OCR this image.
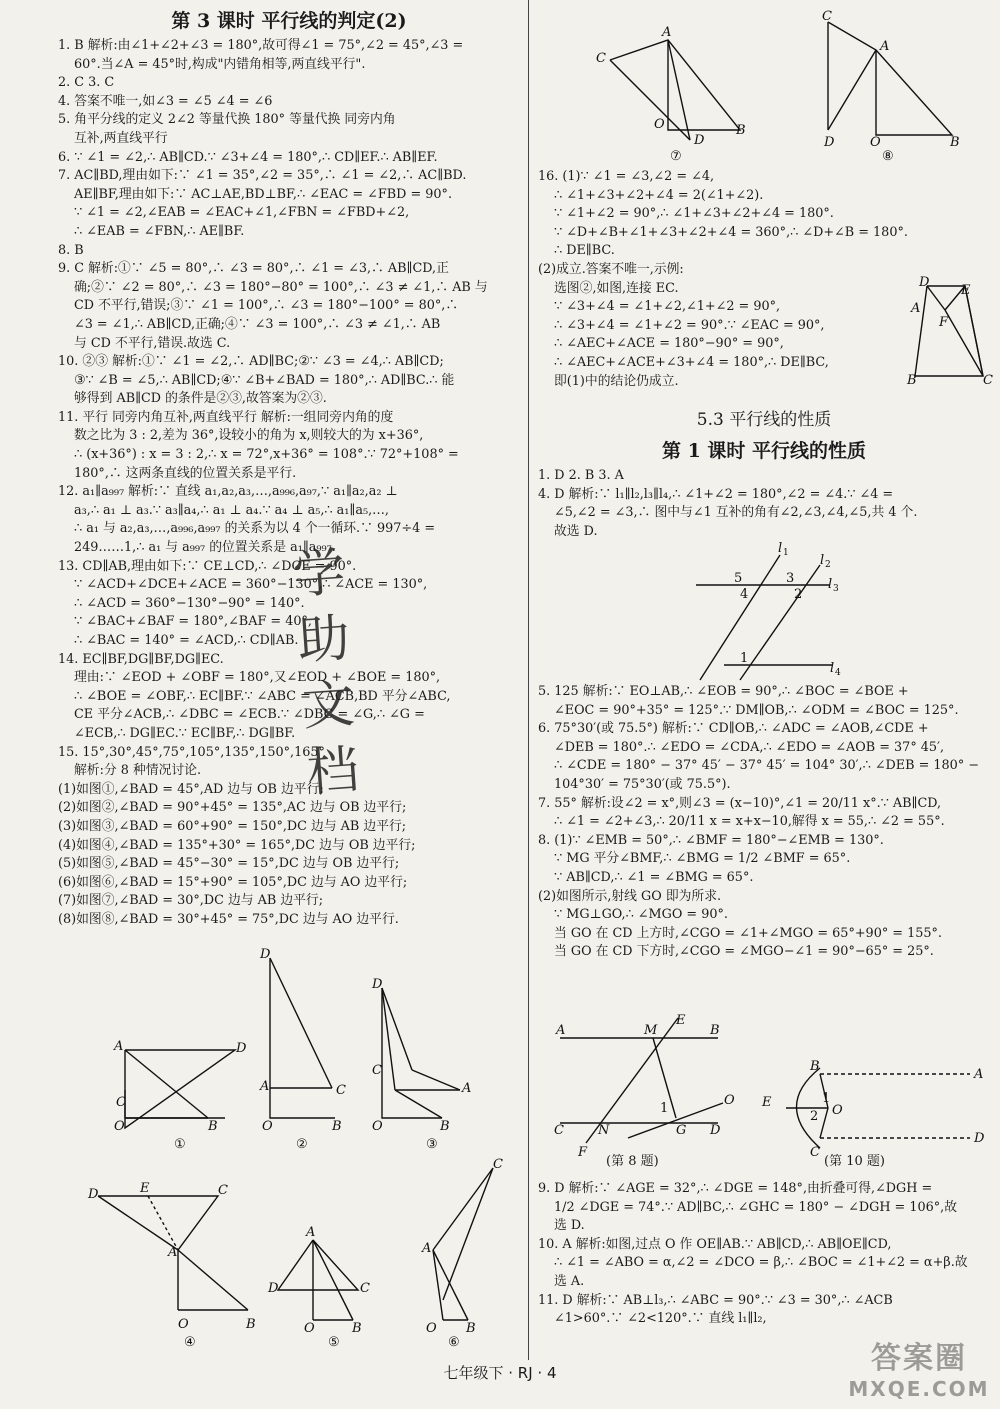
第 3 课时 平行线的判定(2)
1. B 解析:由∠1+∠2+∠3 = 180°,故可得∠1 = 75°,∠2 = 45°,∠3 =
60°.当∠A = 45°时,构成"内错角相等,两直线平行".
2. C 3. C
4. 答案不唯一,如∠3 = ∠5 ∠4 = ∠6
5. 角平分线的定义 2∠2 等量代换 180° 等量代换 同旁内角
互补,两直线平行
6. ∵ ∠1 = ∠2,∴ AB∥CD.∵ ∠3+∠4 = 180°,∴ CD∥EF.∴ AB∥EF.
7. AC∥BD,理由如下:∵ ∠1 = 35°,∠2 = 35°,∴ ∠1 = ∠2,∴ AC∥BD.
AE∥BF,理由如下:∵ AC⊥AE,BD⊥BF,∴ ∠EAC = ∠FBD = 90°.
∵ ∠1 = ∠2,∠EAB = ∠EAC+∠1,∠FBN = ∠FBD+∠2,
∴ ∠EAB = ∠FBN,∴ AE∥BF.
8. B
9. C 解析:①∵ ∠5 = 80°,∴ ∠3 = 80°,∴ ∠1 = ∠3,∴ AB∥CD,正
确;②∵ ∠2 = 80°,∴ ∠3 = 180°−80° = 100°,∴ ∠3 ≠ ∠1,∴ AB 与
CD 不平行,错误;③∵ ∠1 = 100°,∴ ∠3 = 180°−100° = 80°,∴
∠3 = ∠1,∴ AB∥CD,正确;④∵ ∠3 = 100°,∴ ∠3 ≠ ∠1,∴ AB
与 CD 不平行,错误.故选 C.
10. ②③ 解析:①∵ ∠1 = ∠2,∴ AD∥BC;②∵ ∠3 = ∠4,∴ AB∥CD;
③∵ ∠B = ∠5,∴ AB∥CD;④∵ ∠B+∠BAD = 180°,∴ AD∥BC.∴ 能
够得到 AB∥CD 的条件是②③,故答案为②③.
11. 平行 同旁内角互补,两直线平行 解析:一组同旁内角的度
数之比为 3 : 2,差为 36°,设较小的角为 x,则较大的为 x+36°,
∴ (x+36°) : x = 3 : 2,∴ x = 72°,x+36° = 108°.∵ 72°+108° =
180°,∴ 这两条直线的位置关系是平行.
12. a₁∥a₉₉₇ 解析:∵ 直线 a₁,a₂,a₃,…,a₉₉₆,a₉₇,∵ a₁∥a₂,a₂ ⊥
a₃,∴ a₁ ⊥ a₃.∵ a₃∥a₄,∴ a₁ ⊥ a₄.∵ a₄ ⊥ a₅,∴ a₁∥a₅,…,
∴ a₁ 与 a₂,a₃,…,a₉₉₆,a₉₉₇ 的关系为以 4 个一循环.∵ 997÷4 =
249……1,∴ a₁ 与 a₉₉₇ 的位置关系是 a₁∥a₉₉₇.
13. CD∥AB,理由如下:∵ CE⊥CD,∴ ∠DCE = 90°.
∵ ∠ACD+∠DCE+∠ACE = 360°−130°,∴ ∠ACE = 130°,
∴ ∠ACD = 360°−130°−90° = 140°.
∵ ∠BAC+∠BAF = 180°,∠BAF = 40°,
∴ ∠BAC = 140° = ∠ACD,∴ CD∥AB.
14. EC∥BF,DG∥BF,DG∥EC.
理由:∵ ∠EOD + ∠OBF = 180°,又∠EOD + ∠BOE = 180°,
∴ ∠BOE = ∠OBF,∴ EC∥BF.∵ ∠ABC = ∠ACB,BD 平分∠ABC,
CE 平分∠ACB,∴ ∠DBC = ∠ECB.∵ ∠DBC = ∠G,∴ ∠G =
∠ECB,∴ DG∥EC.∵ EC∥BF,∴ DG∥BF.
15. 15°,30°,45°,75°,105°,135°,150°,165°
解析:分 8 种情况讨论.
(1)如图①,∠BAD = 45°,AD 边与 OB 边平行;
(2)如图②,∠BAD = 90°+45° = 135°,AC 边与 OB 边平行;
(3)如图③,∠BAD = 60°+90° = 150°,DC 边与 AB 边平行;
(4)如图④,∠BAD = 135°+30° = 165°,DC 边与 OB 边平行;
(5)如图⑤,∠BAD = 45°−30° = 15°,DC 边与 OB 边平行;
(6)如图⑥,∠BAD = 15°+90° = 105°,DC 边与 AO 边平行;
(7)如图⑦,∠BAD = 30°,DC 边与 AB 边平行;
(8)如图⑧,∠BAD = 30°+45° = 75°,DC 边与 AO 边平行.
学
助
文
档
A	D
C
O	B
①
D
A	C
O	B
②
D
C
A
O	B
③
D	E	C
A
O	B
④
A
D	C
O	B
⑤
A
C
O B
⑥
C
A
O
D
B
⑦
C
A
O
D	B
⑧
16. (1)∵ ∠1 = ∠3,∠2 = ∠4,
∴ ∠1+∠3+∠2+∠4 = 2(∠1+∠2).
∵ ∠1+∠2 = 90°,∴ ∠1+∠3+∠2+∠4 = 180°.
∵ ∠D+∠B+∠1+∠3+∠2+∠4 = 360°,∴ ∠D+∠B = 180°.
∴ DE∥BC.
(2)成立.答案不唯一,示例:
选图②,如图,连接 EC.
∵ ∠3+∠4 = ∠1+∠2,∠1+∠2 = 90°,
∴ ∠3+∠4 = ∠1+∠2 = 90°.∵ ∠EAC = 90°,
∴ ∠AEC+∠ACE = 180°−90° = 90°,
∴ ∠AEC+∠ACE+∠3+∠4 = 180°,∴ DE∥BC,
即(1)中的结论仍成立.
5.3 平行线的性质
第 1 课时 平行线的性质
1. D 2. B 3. A
4. D 解析:∵ l₁∥l₂,l₃∥l₄,∴ ∠1+∠2 = 180°,∠2 = ∠4.∵ ∠4 =
∠5,∠2 = ∠3,∴ 图中与∠1 互补的角有∠2,∠3,∠4,∠5,共 4 个.
故选 D.
D
E
A
F
B	C
l 1 l 2
l 3
l 4
5
4
3
2
1
5. 125 解析:∵ EO⊥AB,∴ ∠EOB = 90°,∴ ∠BOC = ∠BOE +
∠EOC = 90°+35° = 125°.∵ DM∥OB,∴ ∠ODM = ∠BOC = 125°.
6. 75°30′(或 75.5°) 解析:∵ CD∥OB,∴ ∠ADC = ∠AOB,∠CDE +
∠DEB = 180°.∴ ∠EDO = ∠CDA,∴ ∠EDO = ∠AOB = 37° 45′,
∴ ∠CDE = 180° − 37° 45′ − 37° 45′ = 104° 30′,∴ ∠DEB = 180° −
104°30′ = 75°30′(或 75.5°).
7. 55° 解析:设∠2 = x°,则∠3 = (x−10)°,∠1 = 20/11 x°.∵ AB∥CD,
∴ ∠1 = ∠2+∠3,∴ 20/11 x = x+x−10,解得 x = 55,∴ ∠2 = 55°.
8. (1)∵ ∠EMB = 50°,∴ ∠BMF = 180°−∠EMB = 130°.
∵ MG 平分∠BMF,∴ ∠BMG = 1/2 ∠BMF = 65°.
∵ AB∥CD,∴ ∠1 = ∠BMG = 65°.
(2)如图所示,射线 GO 即为所求.
∵ MG⊥GO,∴ ∠MGO = 90°.
当 GO 在 CD 上方时,∠CGO = ∠1+∠MGO = 65°+90° = 155°.
当 GO 在 CD 下方时,∠CGO = ∠MGO−∠1 = 90°−65° = 25°.
A	M
E
B
C	N	G D
O
F
1
B
A
E
O
C
D
1
2
(第 8 题)	(第 10 题)
9. D 解析:∵ ∠AGE = 32°,∴ ∠DGE = 148°,由折叠可得,∠DGH =
1/2 ∠DGE = 74°.∵ AD∥BC,∴ ∠GHC = 180° − ∠DGH = 106°,故
选 D.
10. A 解析:如图,过点 O 作 OE∥AB.∵ AB∥CD,∴ AB∥OE∥CD,
∴ ∠1 = ∠ABO = α,∠2 = ∠DCO = β,∴ ∠BOC = ∠1+∠2 = α+β.故
选 A.
11. D 解析:∵ AB⊥l₃,∴ ∠ABC = 90°.∵ ∠3 = 30°,∴ ∠ACB
∠1>60°.∵ ∠2<120°.∵ 直线 l₁∥l₂,
七年级下 · RJ · 4	答案圈
MXQE.COM
